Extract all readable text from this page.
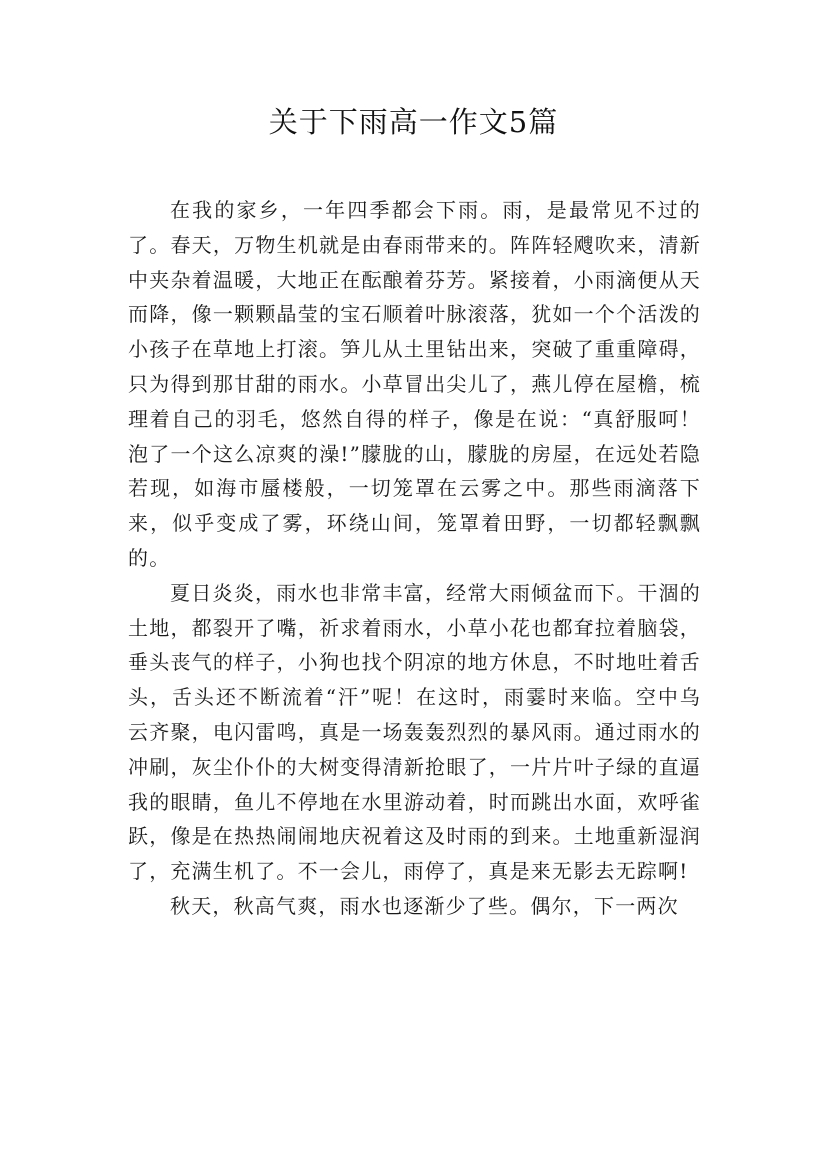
关于下雨高一作文5篇

在我的家乡，一年四季都会下雨。雨，是最常见不过的了。春天，万物生机就是由春雨带来的。阵阵轻飕吹来，清新中夹杂着温暖，大地正在酝酿着芬芳。紧接着，小雨滴便从天而降，像一颗颗晶莹的宝石顺着叶脉滚落，犹如一个个活泼的小孩子在草地上打滚。笋儿从土里钻出来，突破了重重障碍，只为得到那甘甜的雨水。小草冒出尖儿了，燕儿停在屋檐，梳理着自己的羽毛，悠然自得的样子，像是在说：“真舒服呵！泡了一个这么凉爽的澡!”朦胧的山，朦胧的房屋，在远处若隐若现，如海市蜃楼般，一切笼罩在云雾之中。那些雨滴落下来，似乎变成了雾，环绕山间，笼罩着田野，一切都轻飘飘的。

夏日炎炎，雨水也非常丰富，经常大雨倾盆而下。干涸的土地，都裂开了嘴，祈求着雨水，小草小花也都耷拉着脑袋，垂头丧气的样子，小狗也找个阴凉的地方休息，不时地吐着舌头，舌头还不断流着“汗”呢！在这时，雨霎时来临。空中乌云齐聚，电闪雷鸣，真是一场轰轰烈烈的暴风雨。通过雨水的冲刷，灰尘仆仆的大树变得清新抢眼了，一片片叶子绿的直逼我的眼睛，鱼儿不停地在水里游动着，时而跳出水面，欢呼雀跃，像是在热热闹闹地庆祝着这及时雨的到来。土地重新湿润了，充满生机了。不一会儿，雨停了，真是来无影去无踪啊!

秋天，秋高气爽，雨水也逐渐少了些。偶尔，下一两次
